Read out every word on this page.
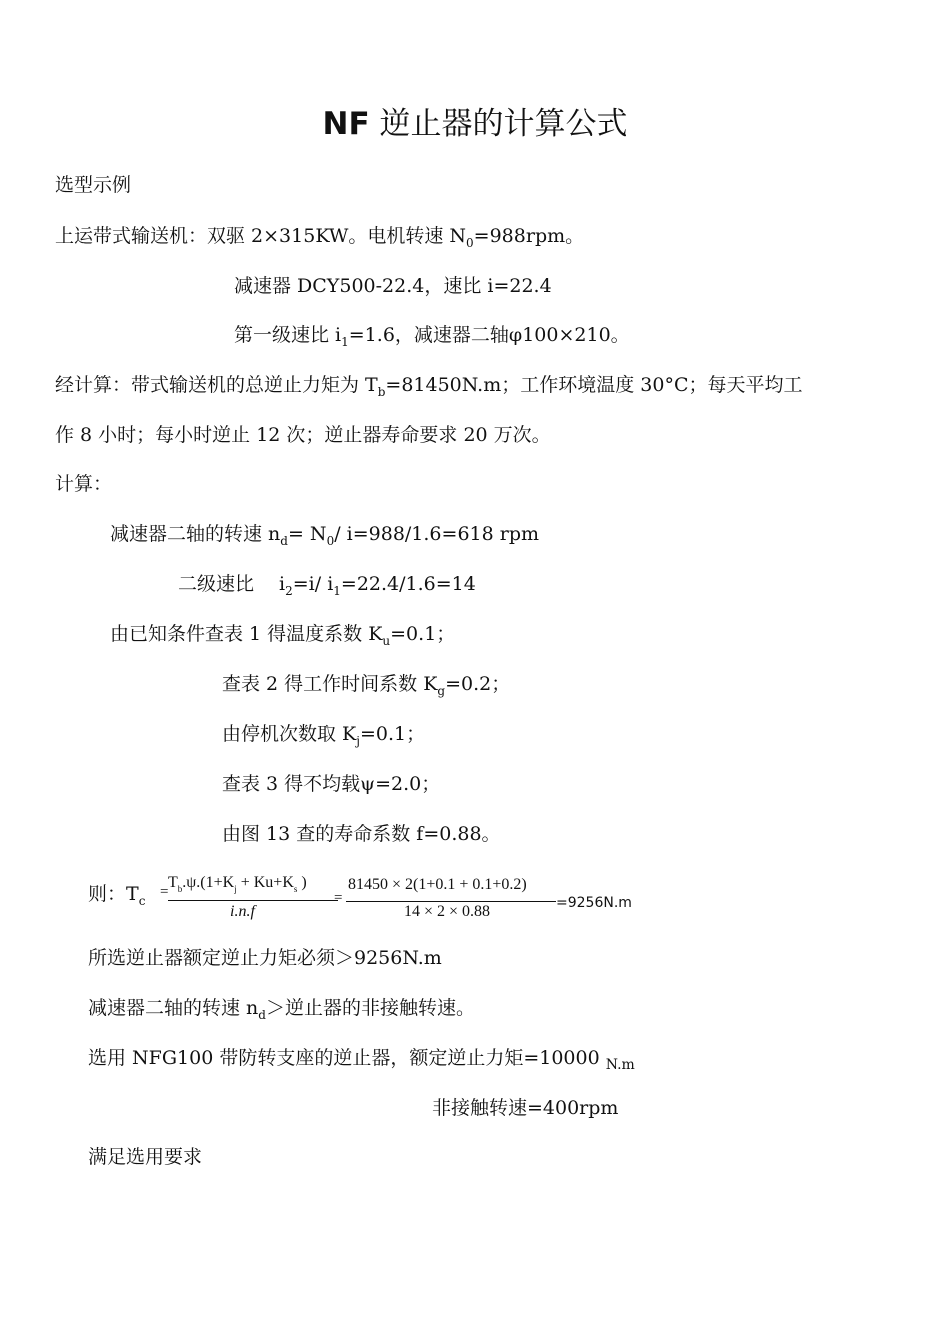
NF 逆止器的计算公式
选型示例
上运带式输送机：双驱 2×315KW。电机转速 $N_0=988rpm$。
减速器 DCY500-22.4，速比 i=22.4
第一级速比 $i_1=1.6$，减速器二轴φ100×210。
经计算：带式输送机的总逆止力矩为 $T_b=81450N.m$；工作环境温度 30°C；每天平均工
作 8 小时；每小时逆止 12 次；逆止器寿命要求 20 万次。
计算：
减速器二轴的转速 $n_d= N_0/$ i=988/1.6=618 rpm
二级速比　 $i_2=i/$ $i_1=22.4/1.6=14$
由已知条件查表 1 得温度系数 $K_u=0.1$；
查表 2 得工作时间系数 $K_g=0.2$；
由停机次数取 $K_j=0.1$；
查表 3 得不均载ψ=2.0；
由图 13 查的寿命系数 f=0.88。
则：$T_c$
=
$T_b.\psi.(1+K_j + Ku+K_s$ )
i.n.f
=
81450 × 2(1+0.1 + 0.1+0.2)
14 × 2 × 0.88	=9256N.m
所选逆止器额定逆止力矩必须＞9256N.m
减速器二轴的转速 $n_d>$逆止器的非接触转速。
选用 NFG100 带防转支座的逆止器，额定逆止力矩=10000 $_{N.m}$
非接触转速=400rpm
满足选用要求
